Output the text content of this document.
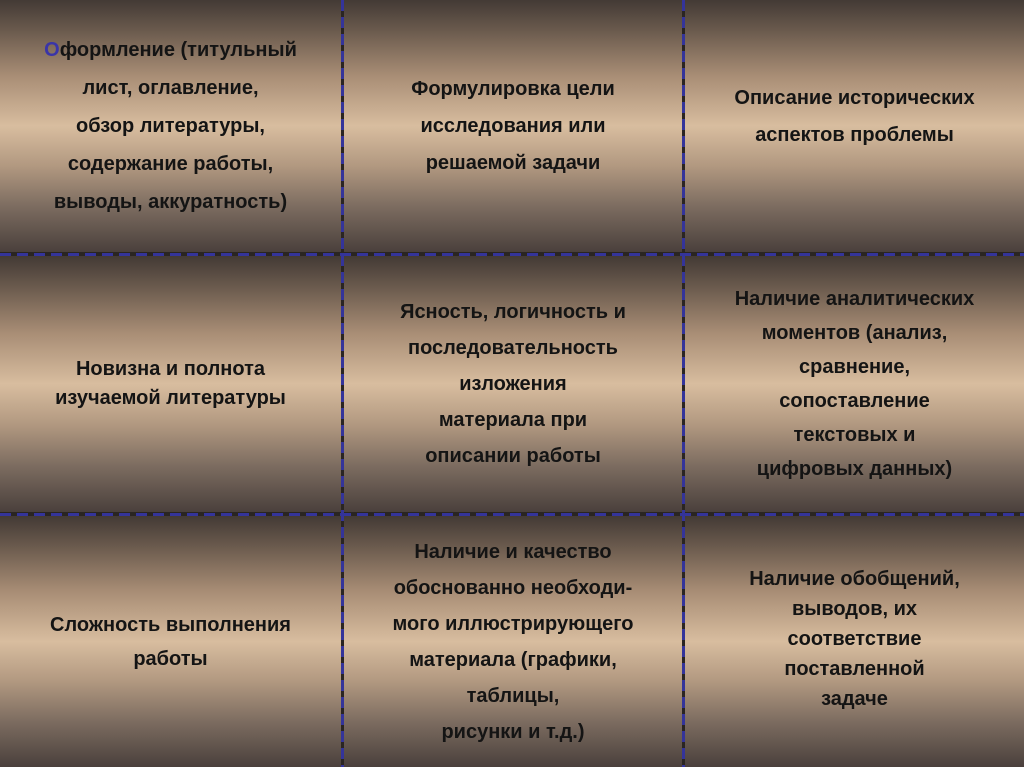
Оформление (титульный
лист, оглавление,
обзор литературы,
содержание работы,
выводы, аккуратность)
Формулировка цели
исследования или
решаемой задачи
Описание исторических
аспектов проблемы
Новизна и полнота
изучаемой литературы
Ясность, логичность и
последовательность
изложения
материала при
описании работы
Наличие аналитических
моментов (анализ,
сравнение,
сопоставление
текстовых и
цифровых данных)
Сложность выполнения
работы
Наличие и качество
обоснованно необходи-
мого иллюстрирующего
материала (графики,
таблицы,
рисунки и т.д.)
Наличие обобщений,
выводов, их
соответствие
поставленной
задаче
